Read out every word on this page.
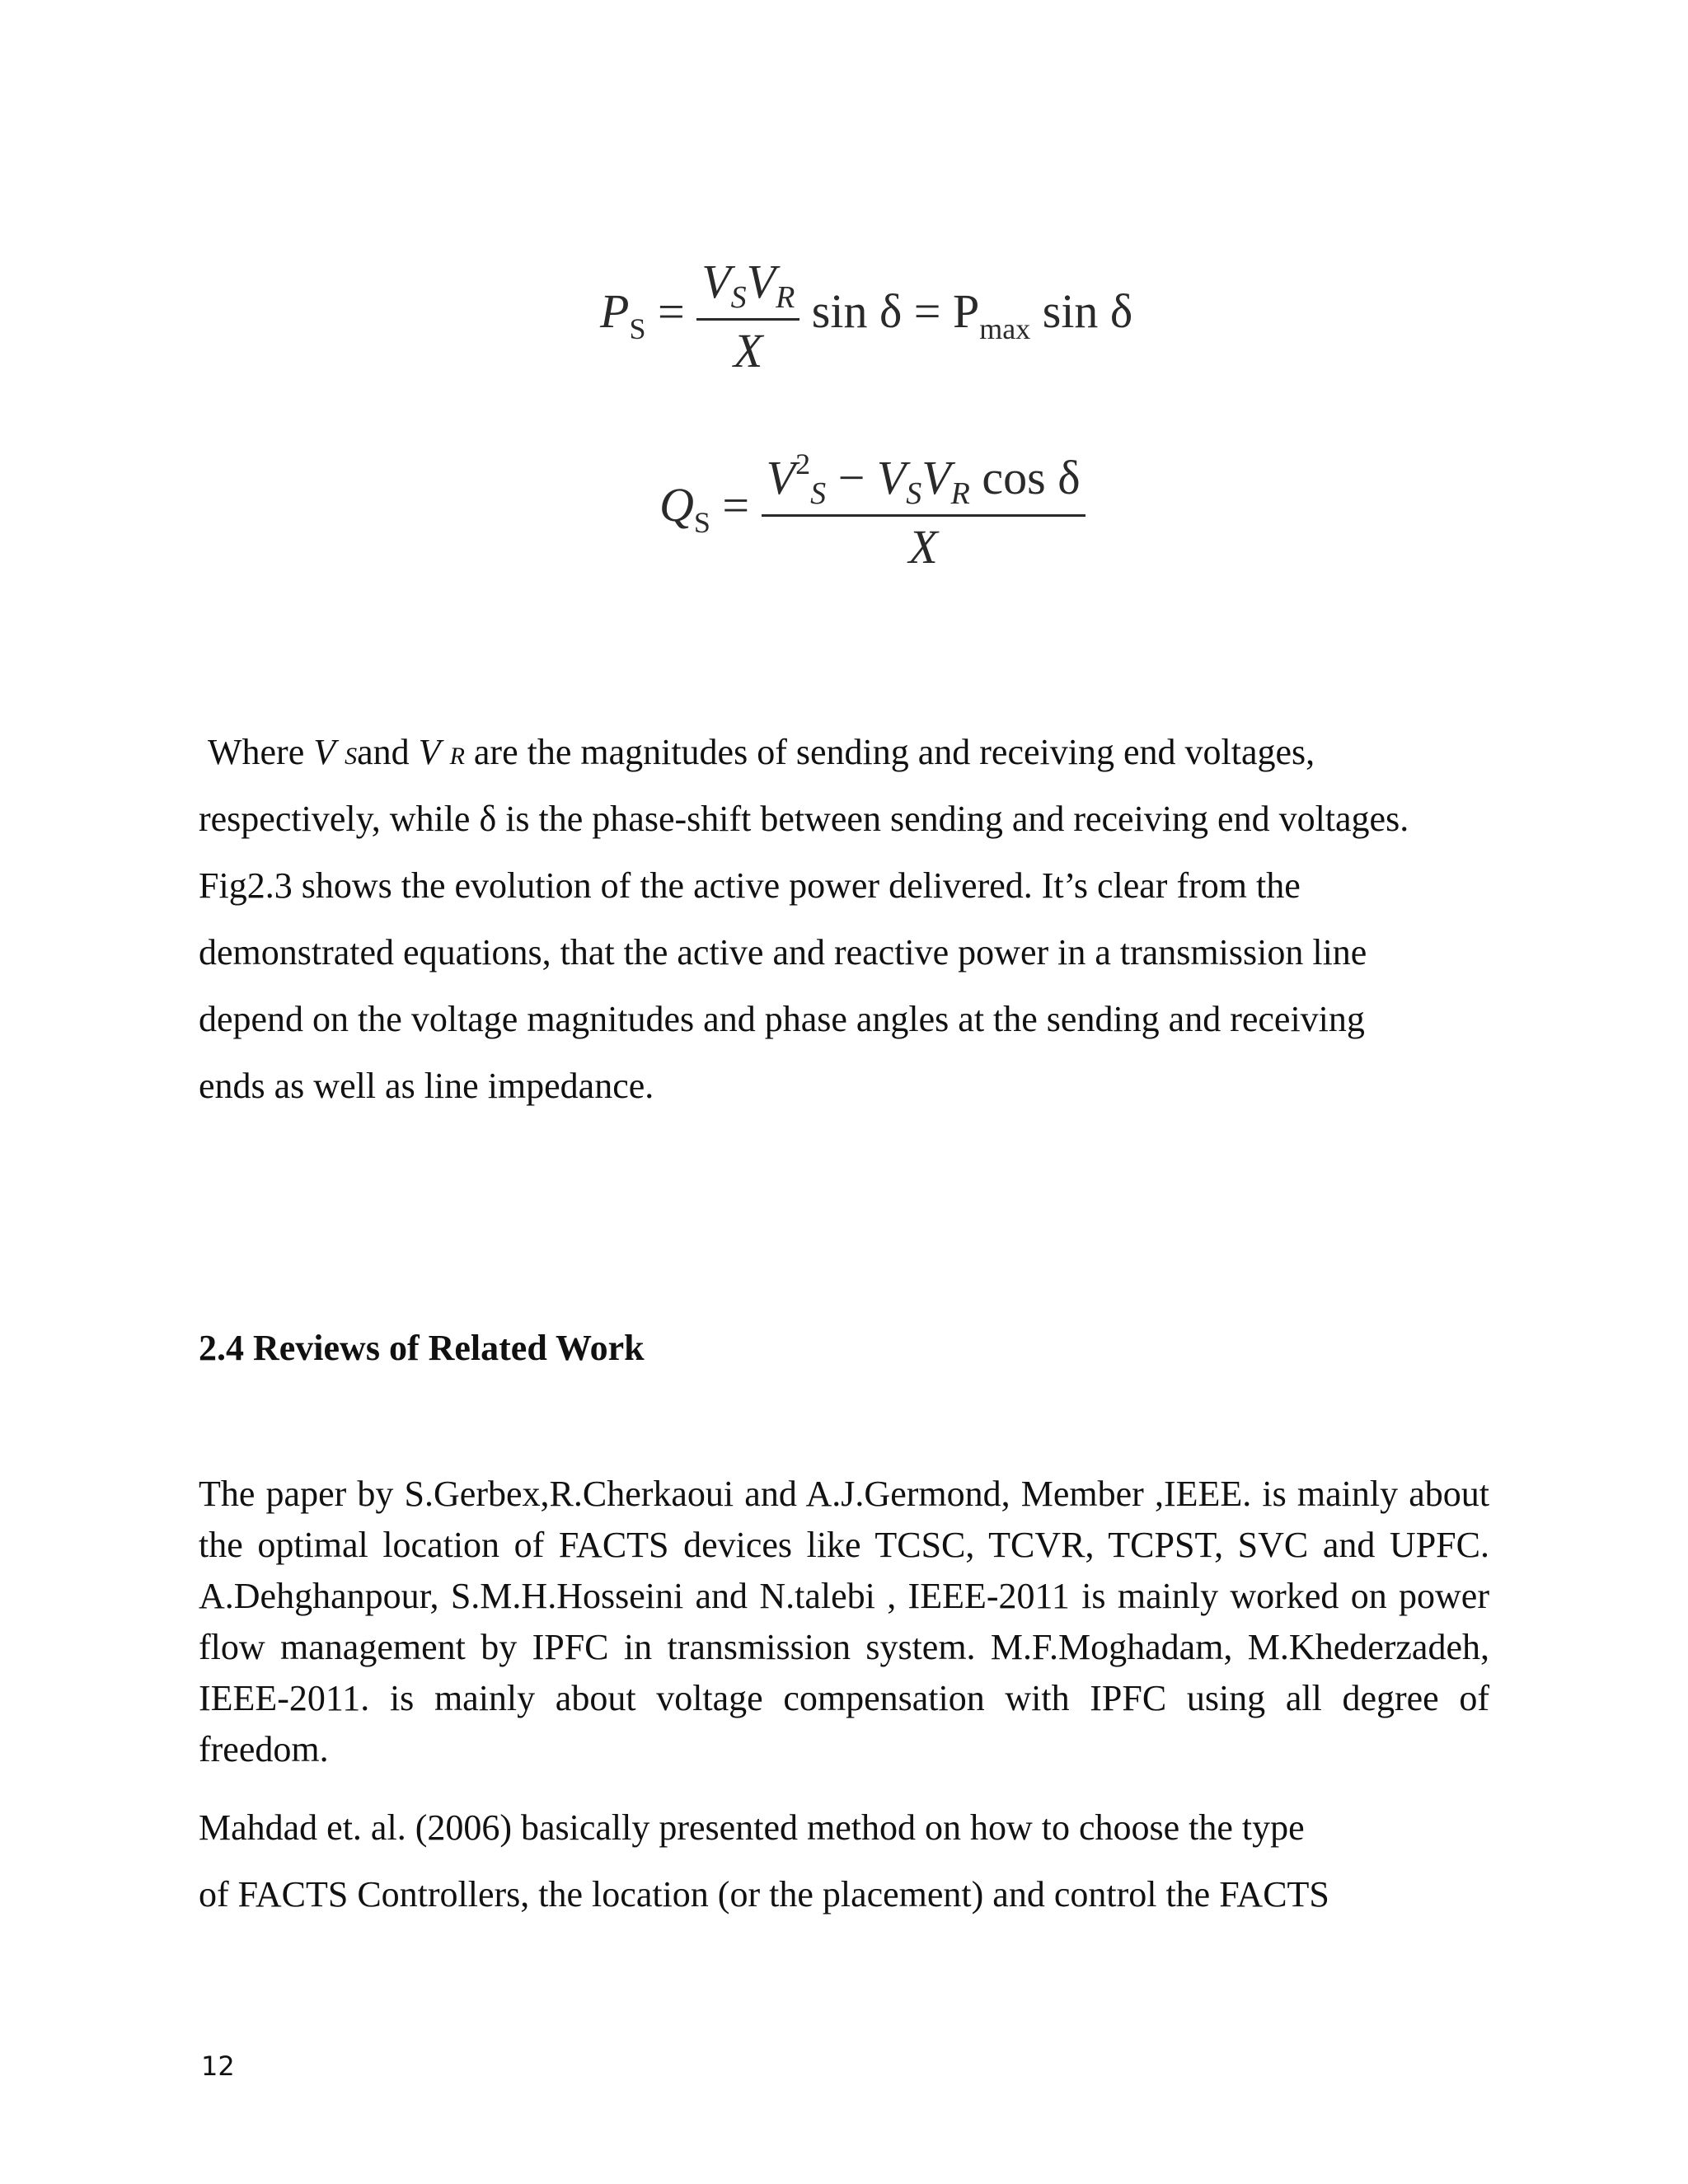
$P_S = \frac{V_SV_R}{X}$ $\sin \delta = P_{max}$ sin δ
$Q_S = \frac{V^2_S - V_SV_R \cos \delta}{X}$

Where V Sand V R are the magnitudes of sending and receiving end voltages,

respectively, while δ is the phase-shift between sending and receiving end voltages.

Fig2.3 shows the evolution of the active power delivered. It’s clear from the

demonstrated equations, that the active and reactive power in a transmission line

depend on the voltage magnitudes and phase angles at the sending and receiving

ends as well as line impedance.

2.4 Reviews of Related Work

The paper by S.Gerbex,R.Cherkaoui and A.J.Germond, Member ,IEEE. is mainly about the optimal location of FACTS devices like TCSC, TCVR, TCPST, SVC and UPFC. A.Dehghanpour, S.M.H.Hosseini and N.talebi , IEEE-2011 is mainly worked on power flow management by IPFC in transmission system. M.F.Moghadam, M.Khederzadeh, IEEE-2011. is mainly about voltage compensation with IPFC using all degree of freedom.

Mahdad et. al. (2006) basically presented method on how to choose the type

of FACTS Controllers, the location (or the placement) and control the FACTS

12
